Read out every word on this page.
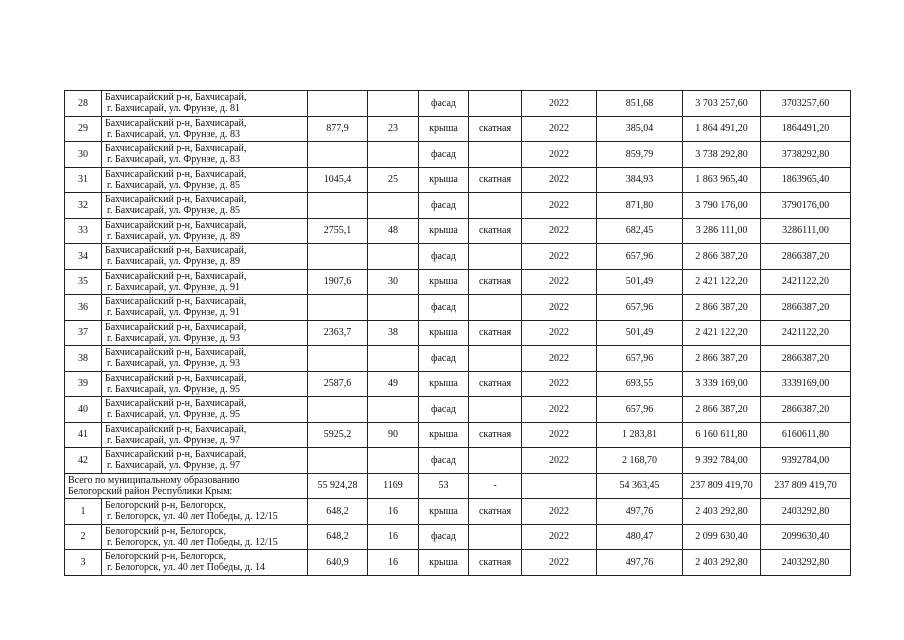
28	Бахчисарайский р-н, Бахчисарай,
г. Бахчисарай, ул. Фрунзе, д. 81			фасад		2022	851,68	3 703 257,60	3703257,60
29	Бахчисарайский р-н, Бахчисарай,
г. Бахчисарай, ул. Фрунзе, д. 83	877,9	23	крыша	скатная	2022	385,04	1 864 491,20	1864491,20
30	Бахчисарайский р-н, Бахчисарай,
г. Бахчисарай, ул. Фрунзе, д. 83			фасад		2022	859,79	3 738 292,80	3738292,80
31	Бахчисарайский р-н, Бахчисарай,
г. Бахчисарай, ул. Фрунзе, д. 85	1045,4	25	крыша	скатная	2022	384,93	1 863 965,40	1863965,40
32	Бахчисарайский р-н, Бахчисарай,
г. Бахчисарай, ул. Фрунзе, д. 85			фасад		2022	871,80	3 790 176,00	3790176,00
33	Бахчисарайский р-н, Бахчисарай,
г. Бахчисарай, ул. Фрунзе, д. 89	2755,1	48	крыша	скатная	2022	682,45	3 286 111,00	3286111,00
34	Бахчисарайский р-н, Бахчисарай,
г. Бахчисарай, ул. Фрунзе, д. 89			фасад		2022	657,96	2 866 387,20	2866387,20
35	Бахчисарайский р-н, Бахчисарай,
г. Бахчисарай, ул. Фрунзе, д. 91	1907,6	30	крыша	скатная	2022	501,49	2 421 122,20	2421122,20
36	Бахчисарайский р-н, Бахчисарай,
г. Бахчисарай, ул. Фрунзе, д. 91			фасад		2022	657,96	2 866 387,20	2866387,20
37	Бахчисарайский р-н, Бахчисарай,
г. Бахчисарай, ул. Фрунзе, д. 93	2363,7	38	крыша	скатная	2022	501,49	2 421 122,20	2421122,20
38	Бахчисарайский р-н, Бахчисарай,
г. Бахчисарай, ул. Фрунзе, д. 93			фасад		2022	657,96	2 866 387,20	2866387,20
39	Бахчисарайский р-н, Бахчисарай,
г. Бахчисарай, ул. Фрунзе, д. 95	2587,6	49	крыша	скатная	2022	693,55	3 339 169,00	3339169,00
40	Бахчисарайский р-н, Бахчисарай,
г. Бахчисарай, ул. Фрунзе, д. 95			фасад		2022	657,96	2 866 387,20	2866387,20
41	Бахчисарайский р-н, Бахчисарай,
г. Бахчисарай, ул. Фрунзе, д. 97	5925,2	90	крыша	скатная	2022	1 283,81	6 160 611,80	6160611,80
42	Бахчисарайский р-н, Бахчисарай,
г. Бахчисарай, ул. Фрунзе, д. 97			фасад		2022	2 168,70	9 392 784,00	9392784,00

Всего по муниципальному образованию
Белогорский район Республики Крым:		55 924,28	1169	53	-		54 363,45	237 809 419,70	237 809 419,70
1	Белогорский р-н, Белогорск,
г. Белогорск, ул. 40 лет Победы, д. 12/15	648,2	16	крыша	скатная	2022	497,76	2 403 292,80	2403292,80
2	Белогорский р-н, Белогорск,
г. Белогорск, ул. 40 лет Победы, д. 12/15	648,2	16	фасад		2022	480,47	2 099 630,40	2099630,40
3	Белогорский р-н, Белогорск,
г. Белогорск, ул. 40 лет Победы, д. 14	640,9	16	крыша	скатная	2022	497,76	2 403 292,80	2403292,80
